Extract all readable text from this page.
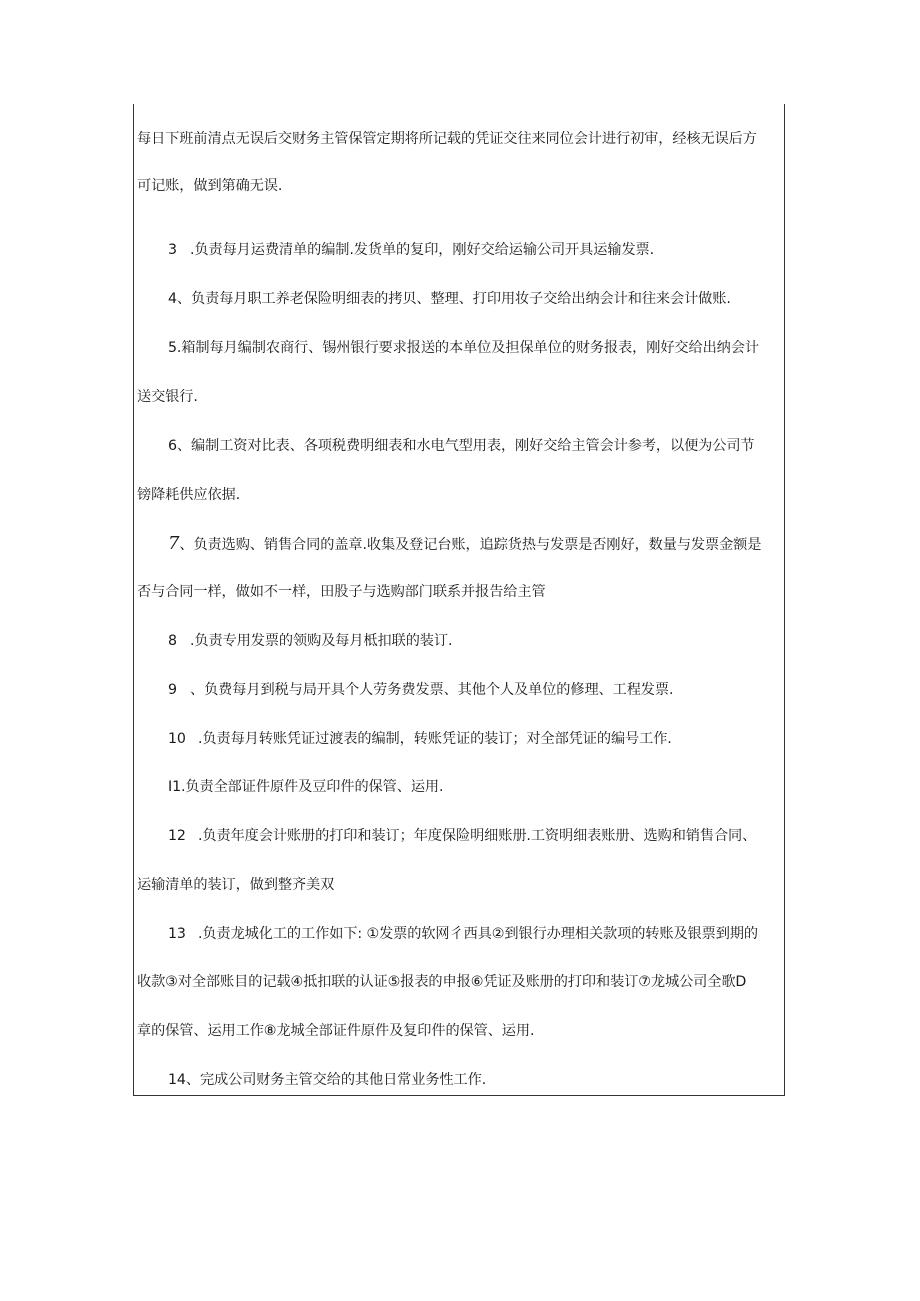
每日下班前清点无误后交财务主管保管定期将所记载的凭证交往来同位会计进行初审，经核无误后方
可记账，做到第确无误.
3 .负责每月运费清单的编制.发货单的复印，刚好交给运输公司开具运输发票.
4、负责每月职工养老保险明细表的拷贝、整理、打印用妆子交给出纳会计和往来会计做账.
5.箱制每月编制农商行、锡州银行要求报送的本单位及担保单位的财务报表，刚好交给出纳会计
送交银行.
6、编制工资对比表、各项税费明细表和水电气型用表，刚好交给主管会计参考，以便为公司节
镑降耗供应依据.
7、负责选购、销售合同的盖章.收集及登记台账，追踪货热与发票是否刚好，数量与发票金额是
否与合同一样，做如不一样，田股子与选购部门联系并报告给主管
8 .负责专用发票的领购及每月柢扣联的装订.
9 、负费每月到税与局开具个人劳务费发票、其他个人及单位的修理、工程发票.
10 .负责每月转账凭证过渡表的编制，转账凭证的装订；对全部凭证的编号工作.
I1.负责全部证件原件及豆印件的保管、运用.
12 .负责年度会计账册的打印和装订；年度保险明细账册.工资明细表账册、选购和销售合同、
运输清单的装订，做到整齐美双
13 .负责龙城化工的工作如下: ①发票的软网彳西具②到银行办理相关款项的转账及银票到期的
收款③对全部账目的记载④抵扣联的认证⑤报表的申报⑥凭证及账册的打印和装订⑦龙城公司全歌D
章的保管、运用工作⑧龙城全部证件原件及复印件的保管、运用.
14、完成公司财务主管交给的其他日常业务性工作.
